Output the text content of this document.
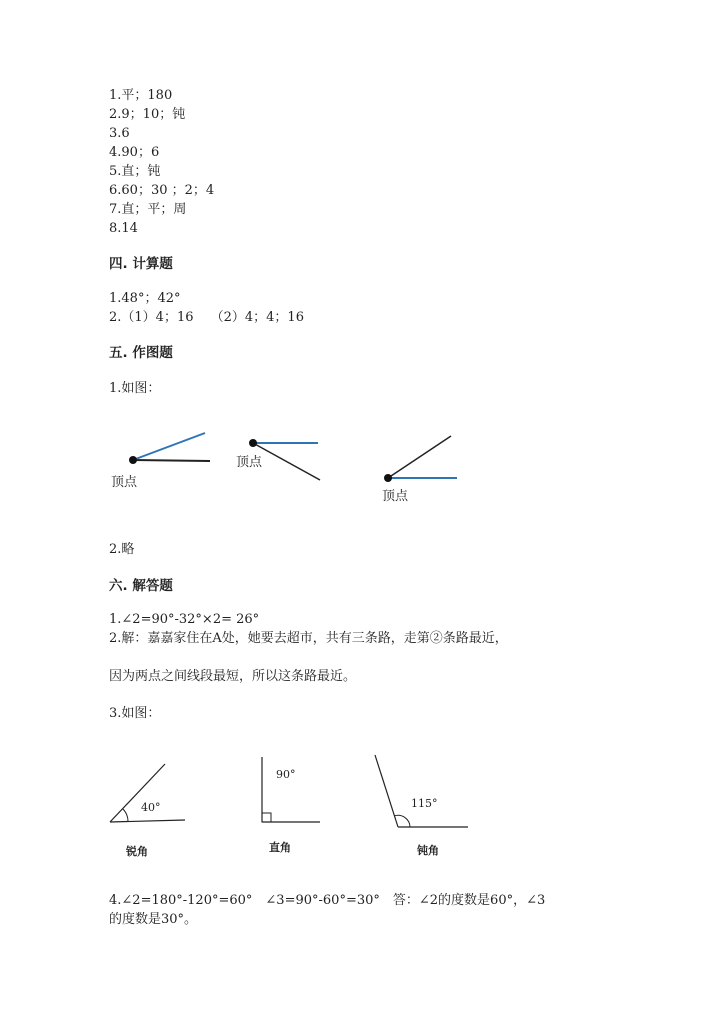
1.平；180
2.9；10；钝
3.6
4.90；6
5.直；钝
6.60；30 ；2；4
7.直；平；周
8.14
四. 计算题
1.48°；42°
2.（1）4；16　 （2）4；4；16
五. 作图题
1.如图：
顶点
顶点
顶点
40°
锐角
90°
直角
115°
钝角
2.略
六. 解答题
1.∠2=90°-32°×2= 26°
2.解：嘉嘉家住在A处，她要去超市，共有三条路，走第②条路最近，
因为两点之间线段最短，所以这条路最近。
3.如图：
4.∠2=180°-120°=60°　∠3=90°-60°=30°　答：∠2的度数是60°，∠3
的度数是30°。
